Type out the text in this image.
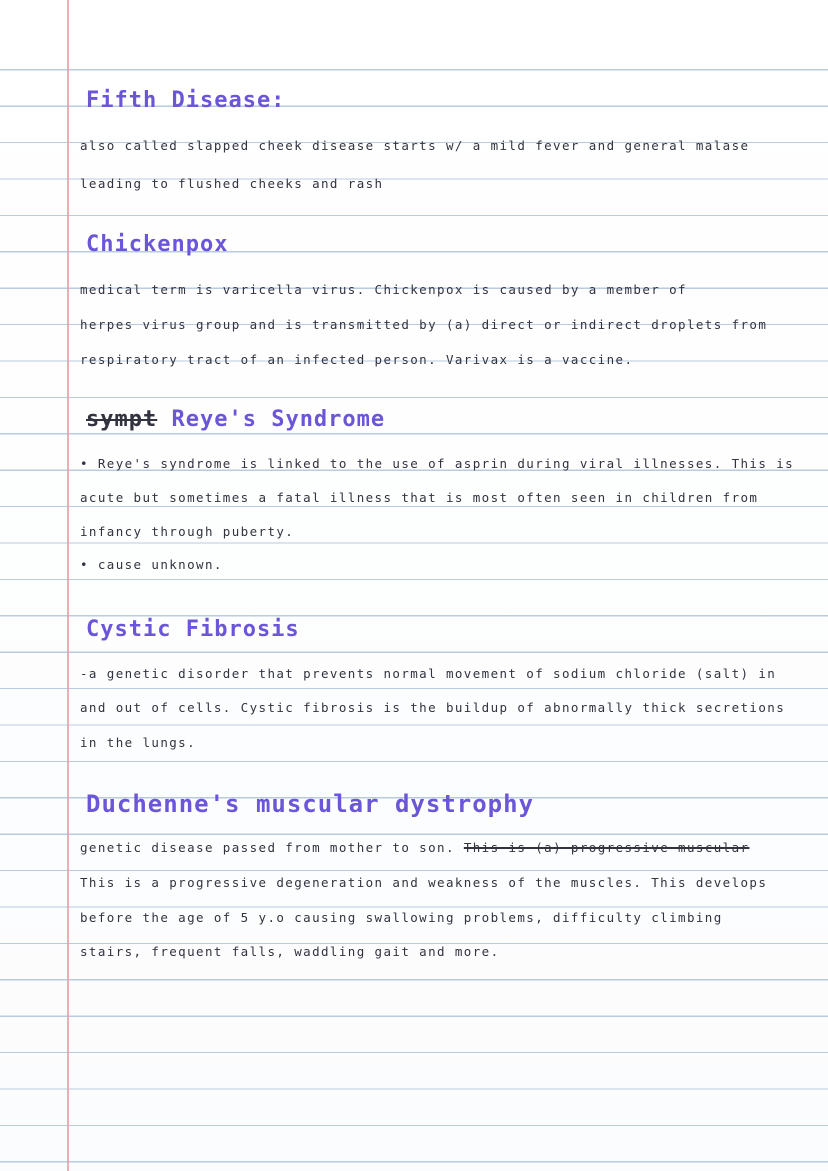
Fifth Disease:

also called slapped cheek disease starts w/ a mild fever and general malase

leading to flushed cheeks and rash

Chickenpox

medical term is varicella virus. Chickenpox is caused by a member of

herpes virus group and is transmitted by (a) direct or indirect droplets from

respiratory tract of an infected person. Varivax is a vaccine.

sympt Reye's Syndrome

• Reye's syndrome is linked to the use of asprin during viral illnesses. This is

acute but sometimes a fatal illness that is most often seen in children from

infancy through puberty.

• cause unknown.

Cystic Fibrosis

-a genetic disorder that prevents normal movement of sodium chloride (salt) in

and out of cells. Cystic fibrosis is the buildup of abnormally thick secretions

in the lungs.

Duchenne's muscular dystrophy

genetic disease passed from mother to son. This is (a) progressive muscular

This is a progressive degeneration and weakness of the muscles. This develops

before the age of 5 y.o causing swallowing problems, difficulty climbing

stairs, frequent falls, waddling gait and more.
